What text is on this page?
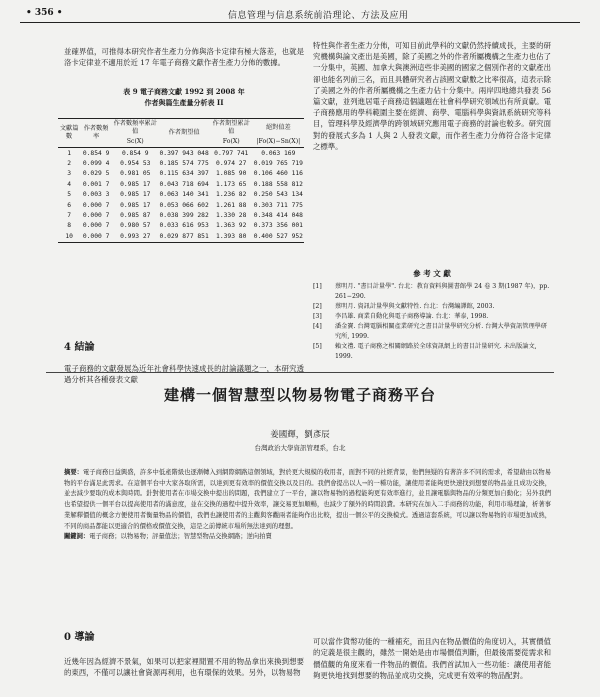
• 356 •	信息管理与信息系统前沿理论、方法及应用
並確界值，可推得本研究作者生產力分佈與洛卡定律有極大落差，也就是洛卡定律並不適用於近 17 年電子商務文獻作者生產力分佈的數據。
表 9 電子商務文獻 1992 到 2008 年
作者與篇生產量分析表 II
文獻篇數	作者數頻率	作者數頻率累計值	作者期望值	作者期望累計值	絕對值差
		Sc(X)		Fo(X)	|Fo(X)−Sn(X)|
1	0.854 9	0.854 9	0.397 943 048	0.797 741	0.063 169
2	0.099 4	0.954 53	0.185 574 775	0.974 27	0.019 765 719
3	0.029 5	0.981 05	0.115 634 397	1.085 90	0.106 460 116
4	0.001 7	0.985 17	0.043 718 694	1.173 65	0.188 558 812
5	0.003 3	0.985 17	0.063 140 341	1.236 82	0.250 543 134
6	0.000 7	0.985 17	0.053 066 602	1.261 88	0.303 711 775
7	0.000 7	0.985 87	0.038 399 282	1.330 28	0.348 414 048
8	0.000 7	0.980 57	0.033 616 953	1.363 92	0.373 356 001
10	0.000 7	0.993 27	0.029 877 851	1.393 80	0.400 527 952
4 結論
電子商務的文獻發展為近年社會科學快速成長的討論議題之一，本研究透過分析其各種發表文獻
特性與作者生產力分佈，可知目前此學科的文獻仍然持續成長，主要的研究機構與論文產出是美國，除了美國之外的作者所屬機構之生產力也佔了一分集中，英國、加拿大與澳洲這些非美國的國家之個別作者的文獻產出卻也能名列前三名，而且具體研究者占該國文獻數之比率很高，這表示除了美國之外的作者所屬機構之生產力佔十分集中。兩岸四地總共發表 56 篇文獻，並列進居電子商務這個議題在社會科學研究領域出有所貢獻。電子商務應用的學科範圍主要在經濟、商學、電腦科學與資訊系統研究等科目，管理科學及經濟學的跨領域研究應用電子商務的討論也較多。研究面對的發展式多為 1 人與 2 人發表文獻，而作者生產力分佈符合洛卡定律之標準。
參 考 文 獻
[1]	蔡明月. "書目計量學". 台北：教育資料與圖書館學 24 卷 3 期(1987 年)，pp. 261−290.
[2]	蔡明月. 資訊計量學與文獻特性. 台北：台灣編譯館, 2003.
[3]	李昌雄. 商業自動化與電子商務導論. 台北：華泰, 1998.
[4]	潘金寶. 台灣電腦相關產業研究之書目計量學研究分析. 台灣大學資訊管理學研究所, 1999.
[5]	賴文禮. 電子商務之相關網路於全球資訊網上的書目計量研究. 未出版論文, 1999.
建構一個智慧型以物易物電子商務平台
姜國輝，劉彥辰
台灣政治大學資訊管理系，台北
摘要：電子商務日益興盛，許多中低產階級也逐漸轉入到網際網路這個領域，對於更大規模的收用者，面對不同的社經背景，他們無疑的有著許多不同的需求，希望藉由以物易物的平台滿足此需求。在這個平台中大家各取所需，以達到更有效率的價值交換以及目的。我們會提出以人→的一種功能，讓使用者能夠更快速找到想要的物品並且成功交換，並去減少要取的成本與時間。針對使用者在市場交換中提出的問題，我們建立了一平台，讓以物易物的過程能夠更有效率進行，並且讓電腦與物品的分類更加自動化；另外我們也希望提供一個平台以提高使用者的滿意度，並在交換的過程中提升效率，讓交易更加順暢，也減少了額外的時間浪費。本研究在加入二手商務的功能，利用市場理論，析著事業解釋價值的概念方便使用者衡量物品的價值，我們也讓使用者的主觀與客觀兩者能夠作出比較，提出一個公平的交換模式。透過這套系統，可以讓以物易物的市場更加成熟，不同的商品都能以更適合的價格或價值交換，這是之前傳統市場所無法達到的理想。
關鍵詞：電子商務；以物易物；評量值法；智慧型物品交換網路；逆向拍賣
0 導論
近幾年因為經濟不景氣，如果可以把家裡閒置不用的物品拿出來換到想要的東西，不僅可以讓社會資源再利用，也有環保的效果。另外，以物易物
可以當作貨幣功能的一種補充，而且內在物品價值的角度切入，其實價值的定義是很主觀的，雖然一開始是由市場價值判斷，但最後需要從需求和價值觀的角度來看一件物品的價值。我們首試加入一些功能：讓使用者能夠更快地找到想要的物品並成功交換，完成更有效率的物品配對。
